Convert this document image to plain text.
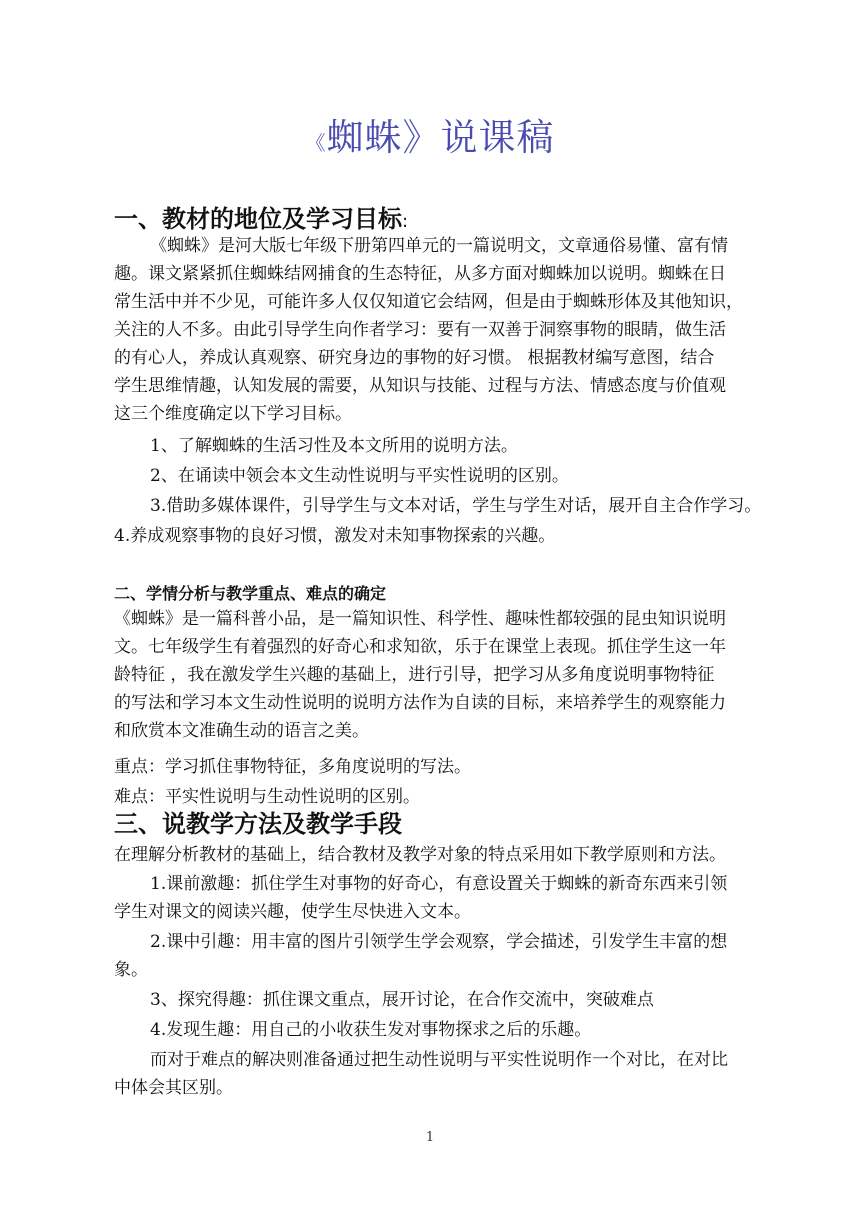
《蜘蛛》说课稿
一、教材的地位及学习目标:
《蜘蛛》是河大版七年级下册第四单元的一篇说明文，文章通俗易懂、富有情
趣。课文紧紧抓住蜘蛛结网捕食的生态特征，从多方面对蜘蛛加以说明。蜘蛛在日
常生活中并不少见，可能许多人仅仅知道它会结网，但是由于蜘蛛形体及其他知识，
关注的人不多。由此引导学生向作者学习：要有一双善于洞察事物的眼睛，做生活
的有心人，养成认真观察、研究身边的事物的好习惯。 根据教材编写意图，结合
学生思维情趣，认知发展的需要，从知识与技能、过程与方法、情感态度与价值观
这三个维度确定以下学习目标。
1、了解蜘蛛的生活习性及本文所用的说明方法。
2、在诵读中领会本文生动性说明与平实性说明的区别。
3.借助多媒体课件，引导学生与文本对话，学生与学生对话，展开自主合作学习。
4.养成观察事物的良好习惯，激发对未知事物探索的兴趣。
二、学情分析与教学重点、难点的确定
《蜘蛛》是一篇科普小品，是一篇知识性、科学性、趣味性都较强的昆虫知识说明
文。七年级学生有着强烈的好奇心和求知欲，乐于在课堂上表现。抓住学生这一年
龄特征 ，我在激发学生兴趣的基础上，进行引导，把学习从多角度说明事物特征
的写法和学习本文生动性说明的说明方法作为自读的目标，来培养学生的观察能力
和欣赏本文准确生动的语言之美。
重点：学习抓住事物特征，多角度说明的写法。
难点：平实性说明与生动性说明的区别。
三、说教学方法及教学手段
在理解分析教材的基础上，结合教材及教学对象的特点采用如下教学原则和方法。
1.课前激趣：抓住学生对事物的好奇心，有意设置关于蜘蛛的新奇东西来引领
学生对课文的阅读兴趣，使学生尽快进入文本。
2.课中引趣：用丰富的图片引领学生学会观察，学会描述，引发学生丰富的想
象。
3、探究得趣：抓住课文重点，展开讨论，在合作交流中，突破难点
4.发现生趣：用自己的小收获生发对事物探求之后的乐趣。
而对于难点的解决则准备通过把生动性说明与平实性说明作一个对比，在对比
中体会其区别。
1
